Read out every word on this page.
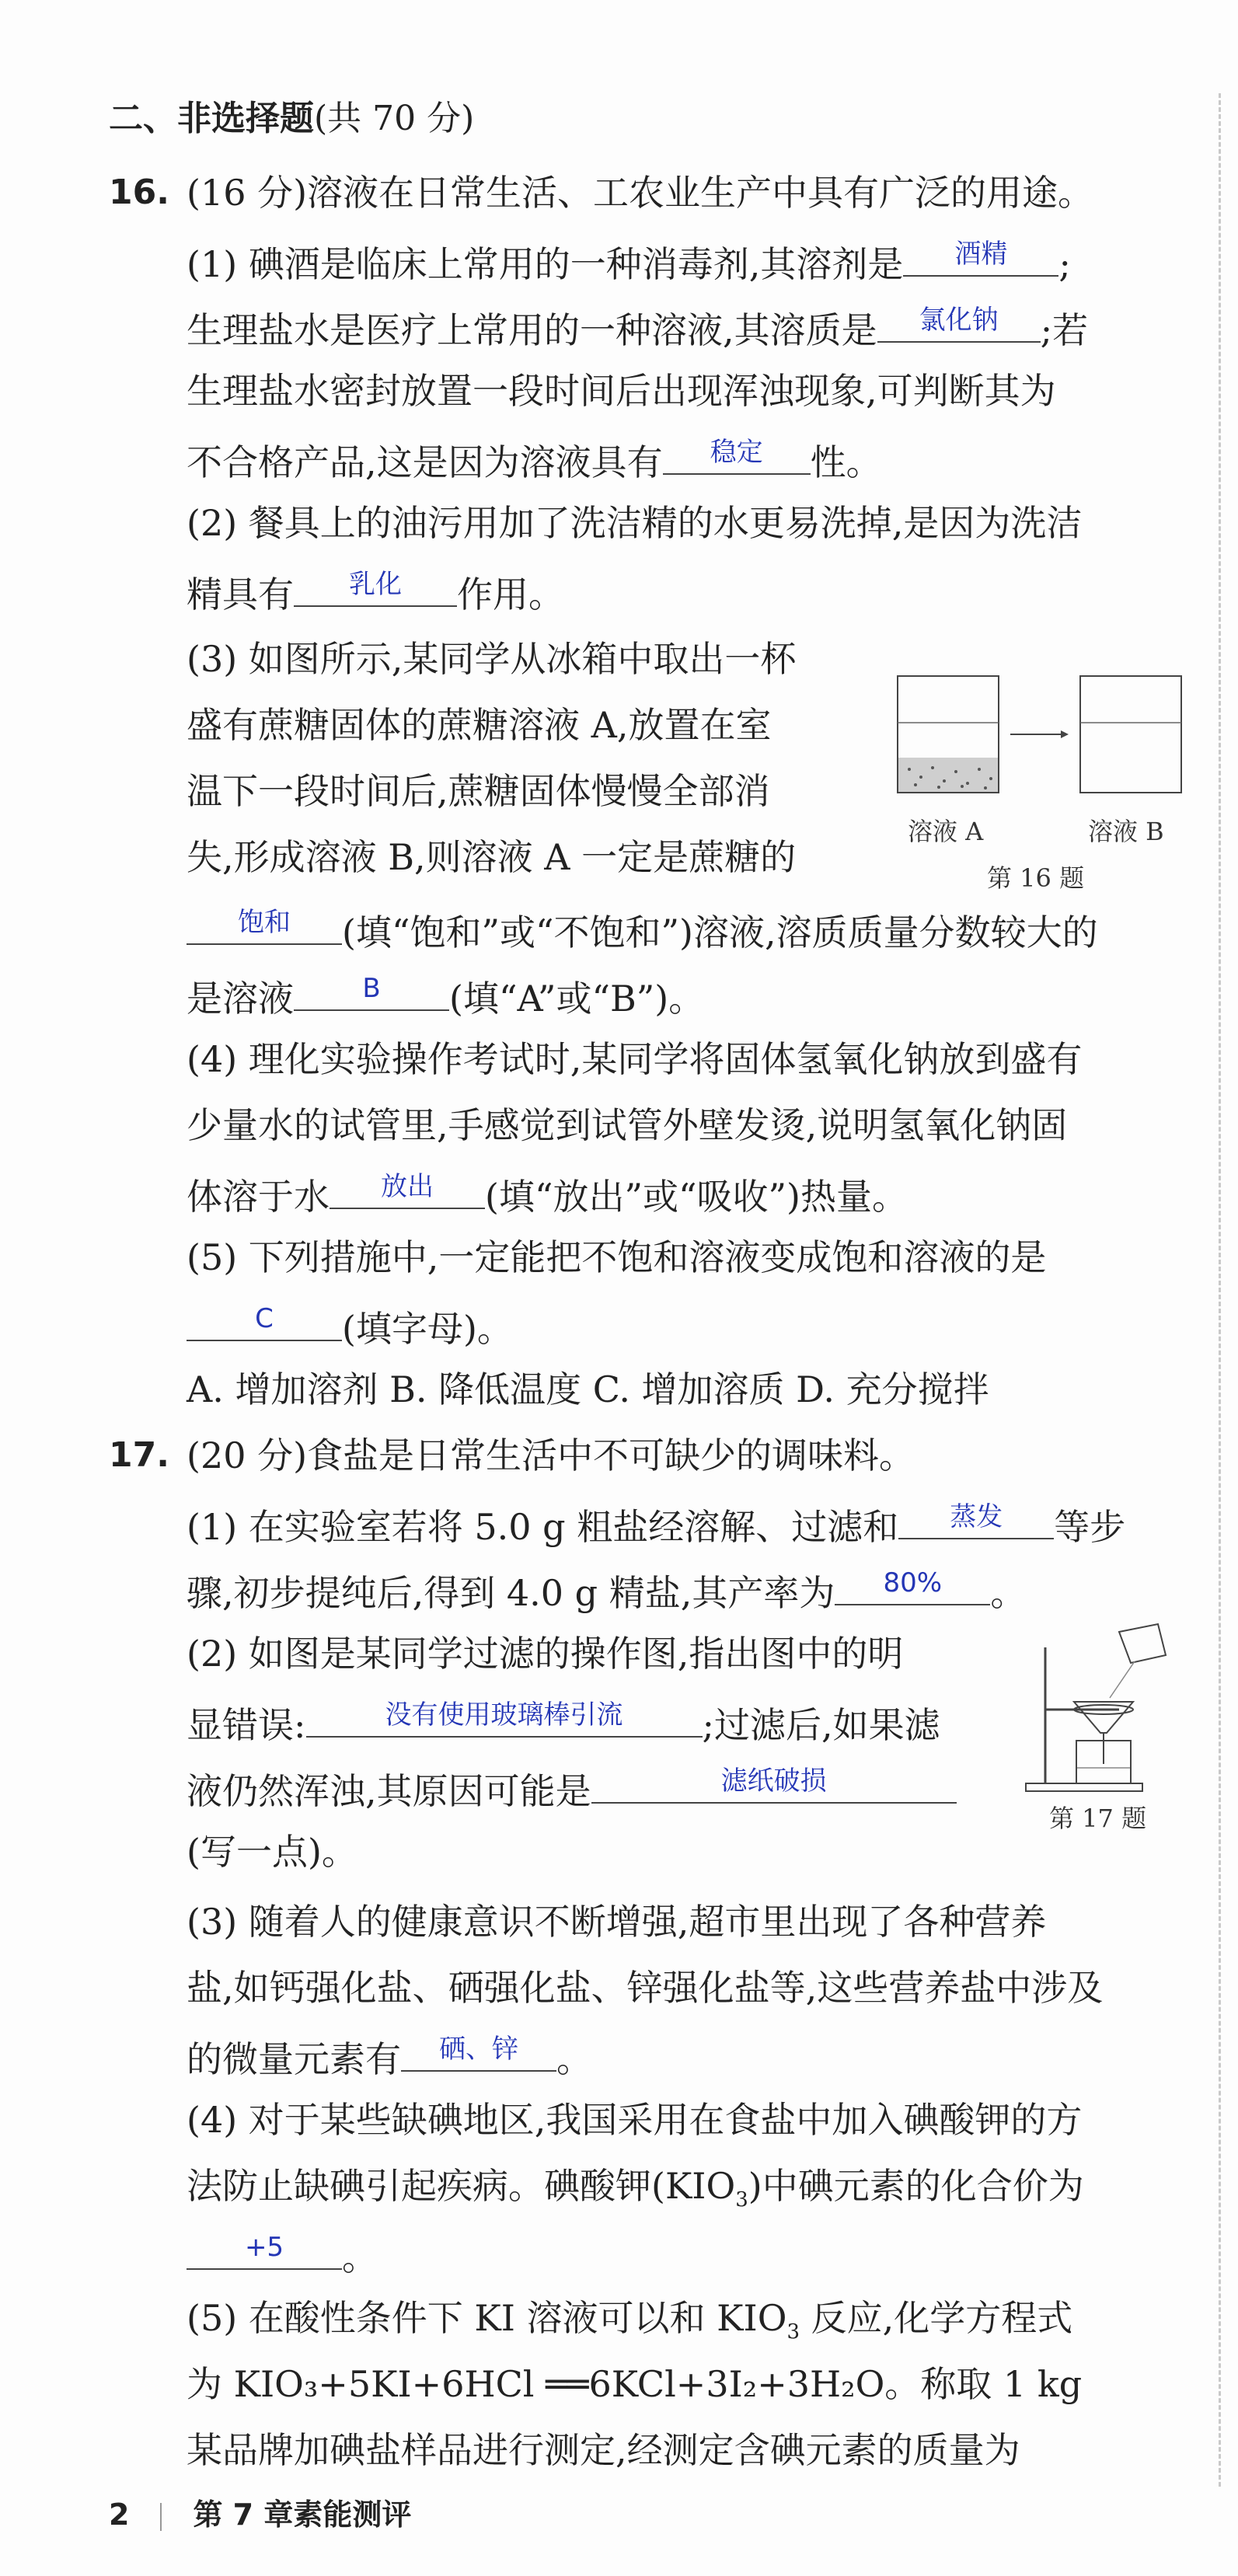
二、非选择题(共 70 分)
16. (16 分)溶液在日常生活、工农业生产中具有广泛的用途。
(1) 碘酒是临床上常用的一种消毒剂,其溶剂是	酒精	;
生理盐水是医疗上常用的一种溶液,其溶质是	氯化钠	;若
生理盐水密封放置一段时间后出现浑浊现象,可判断其为
不合格产品,这是因为溶液具有	稳定	性。
(2) 餐具上的油污用加了洗洁精的水更易洗掉,是因为洗洁
精具有	乳化	作用。
(3) 如图所示,某同学从冰箱中取出一杯
盛有蔗糖固体的蔗糖溶液 A,放置在室
温下一段时间后,蔗糖固体慢慢全部消
失,形成溶液 B,则溶液 A 一定是蔗糖的
溶液 A	溶液 B
第 16 题
饱和	(填“饱和”或“不饱和”)溶液,溶质质量分数较大的
是溶液	B	(填“A”或“B”)。
(4) 理化实验操作考试时,某同学将固体氢氧化钠放到盛有
少量水的试管里,手感觉到试管外壁发烫,说明氢氧化钠固
体溶于水	放出	(填“放出”或“吸收”)热量。
(5) 下列措施中,一定能把不饱和溶液变成饱和溶液的是
C	(填字母)。
A. 增加溶剂 B. 降低温度 C. 增加溶质 D. 充分搅拌
17. (20 分)食盐是日常生活中不可缺少的调味料。
(1) 在实验室若将 5.0 g 粗盐经溶解、过滤和	蒸发	等步
骤,初步提纯后,得到 4.0 g 精盐,其产率为	80%	。
(2) 如图是某同学过滤的操作图,指出图中的明
显错误:	没有使用玻璃棒引流	;过滤后,如果滤
液仍然浑浊,其原因可能是	滤纸破损
(写一点)。
第 17 题
(3) 随着人的健康意识不断增强,超市里出现了各种营养
盐,如钙强化盐、硒强化盐、锌强化盐等,这些营养盐中涉及
的微量元素有	硒、锌	。
(4) 对于某些缺碘地区,我国采用在食盐中加入碘酸钾的方
法防止缺碘引起疾病。碘酸钾$(KIO_3)$中碘元素的化合价为
+5	。
(5) 在酸性条件下 KI 溶液可以和 $KIO_3$ 反应,化学方程式
为 KIO₃+5KI+6HCl ══6KCl+3I₂+3H₂O。称取 1 kg
某品牌加碘盐样品进行测定,经测定含碘元素的质量为
2 第 7 章素能测评
